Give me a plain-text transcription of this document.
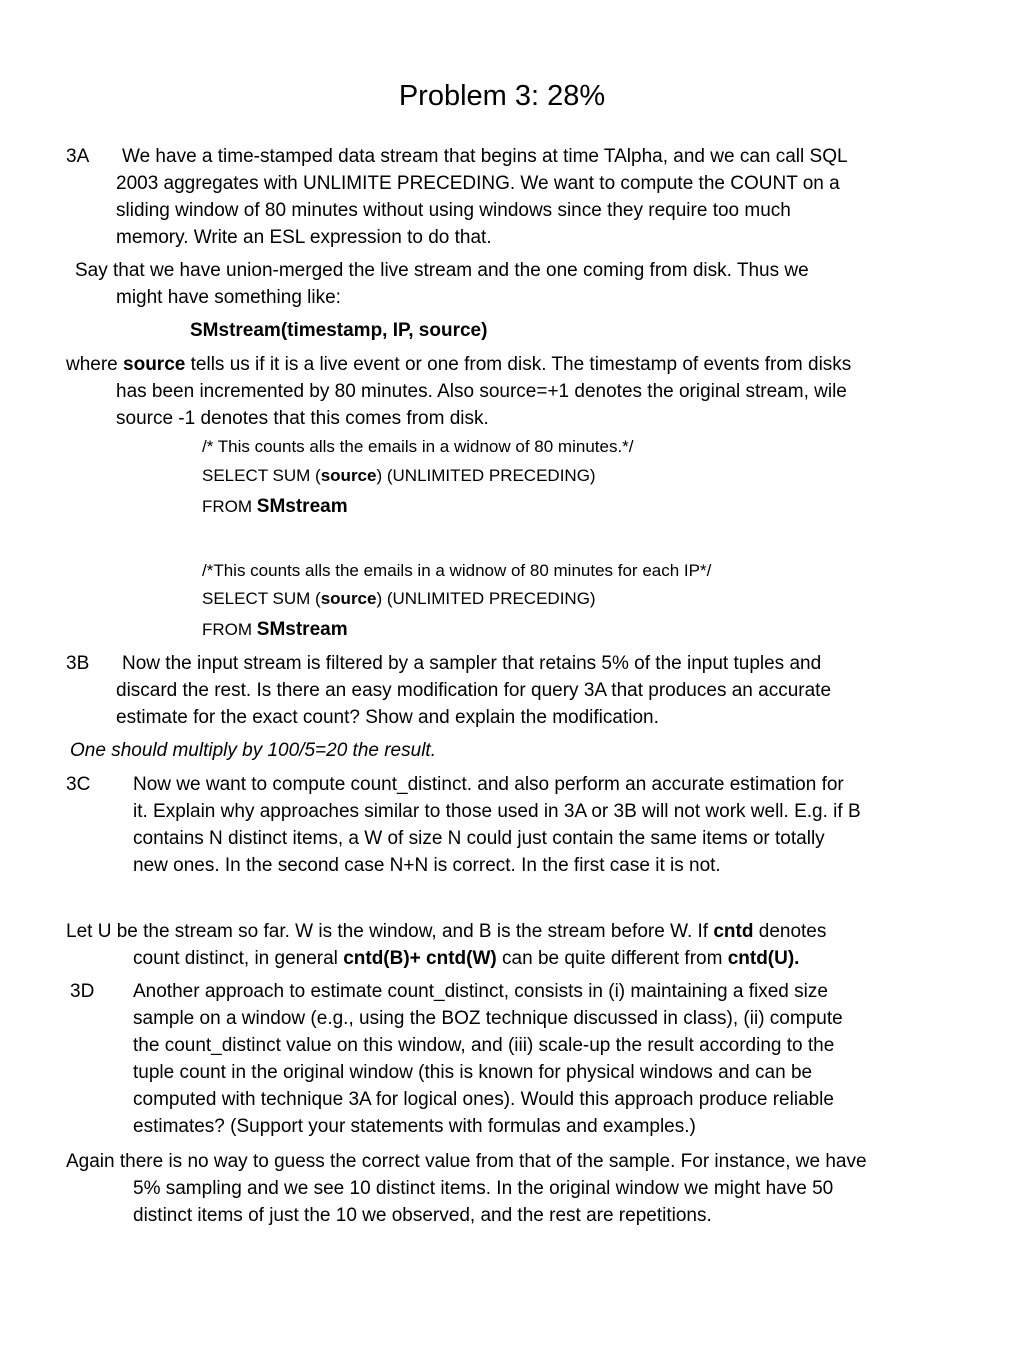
Problem 3: 28%
3A	We have a time-stamped data stream that begins at time TAlpha, and we can call SQL
2003 aggregates with UNLIMITE PRECEDING. We want to compute the COUNT on a
sliding window of 80 minutes without using windows since they require too much
memory. Write an ESL expression to do that.
Say that we have union-merged the live stream and the one coming from disk. Thus we
might have something like:
SMstream(timestamp, IP, source)
where source tells us if it is a live event or one from disk. The timestamp of events from disks
has been incremented by 80 minutes. Also source=+1 denotes the original stream, wile
source -1 denotes that this comes from disk.
/* This counts alls the emails in a widnow of 80 minutes.*/
SELECT SUM (source) (UNLIMITED PRECEDING)
FROM SMstream
/*This counts alls the emails in a widnow of 80 minutes for each IP*/
SELECT SUM (source) (UNLIMITED PRECEDING)
FROM SMstream
3B	Now the input stream is filtered by a sampler that retains 5% of the input tuples and
discard the rest. Is there an easy modification for query 3A that produces an accurate
estimate for the exact count? Show and explain the modification.
One should multiply by 100/5=20 the result.
3C	Now we want to compute count_distinct. and also perform an accurate estimation for
it. Explain why approaches similar to those used in 3A or 3B will not work well. E.g. if B
contains N distinct items, a W of size N could just contain the same items or totally
new ones. In the second case N+N is correct. In the first case it is not.
Let U be the stream so far. W is the window, and B is the stream before W. If cntd denotes
count distinct, in general cntd(B)+ cntd(W) can be quite different from cntd(U).
3D	Another approach to estimate count_distinct, consists in (i) maintaining a fixed size
sample on a window (e.g., using the BOZ technique discussed in class), (ii) compute
the count_distinct value on this window, and (iii) scale-up the result according to the
tuple count in the original window (this is known for physical windows and can be
computed with technique 3A for logical ones). Would this approach produce reliable
estimates? (Support your statements with formulas and examples.)
Again there is no way to guess the correct value from that of the sample. For instance, we have
5% sampling and we see 10 distinct items. In the original window we might have 50
distinct items of just the 10 we observed, and the rest are repetitions.
